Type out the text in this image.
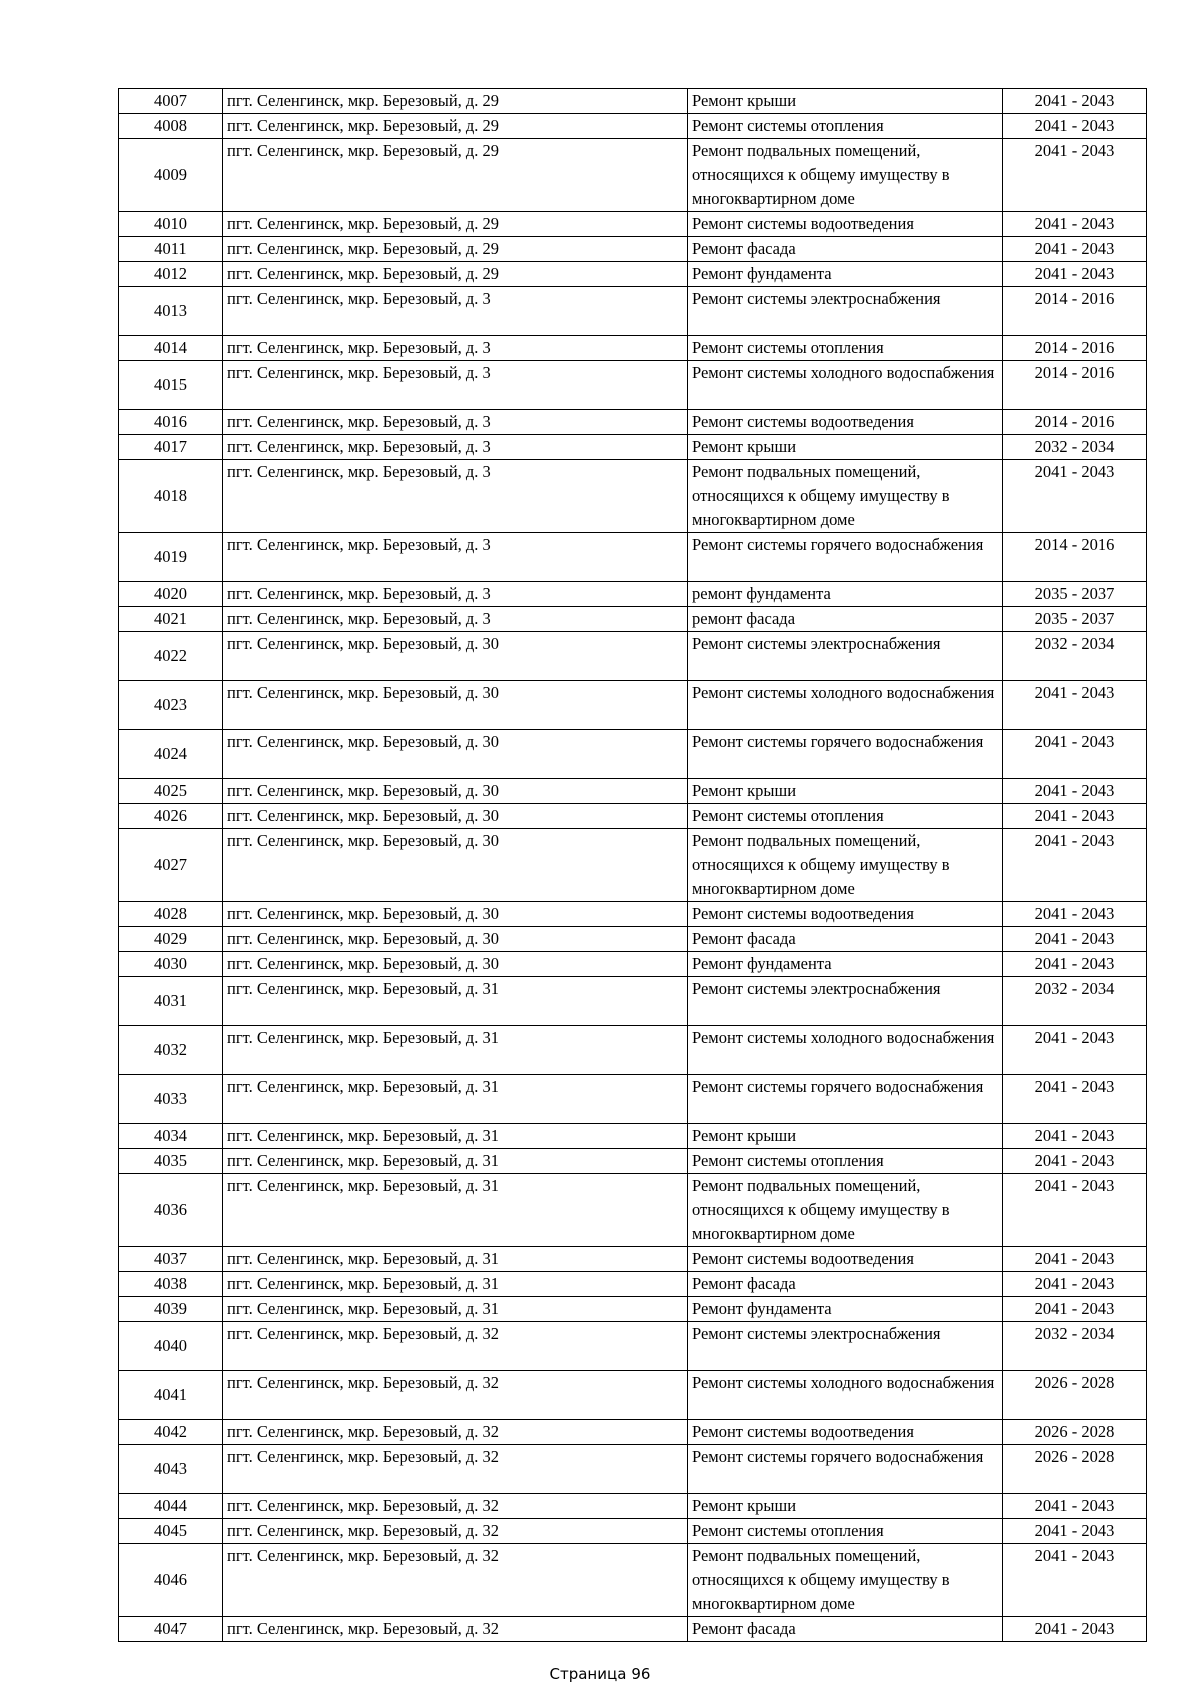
4007	пгт. Селенгинск, мкр. Березовый, д. 29	Ремонт крыши	2041 - 2043
4008	пгт. Селенгинск, мкр. Березовый, д. 29	Ремонт системы отопления	2041 - 2043
4009	пгт. Селенгинск, мкр. Березовый, д. 29	Ремонт подвальных помещений, относящихся к общему имуществу в многоквартирном доме	2041 - 2043
4010	пгт. Селенгинск, мкр. Березовый, д. 29	Ремонт системы водоотведения	2041 - 2043
4011	пгт. Селенгинск, мкр. Березовый, д. 29	Ремонт фасада	2041 - 2043
4012	пгт. Селенгинск, мкр. Березовый, д. 29	Ремонт фундамента	2041 - 2043
4013	пгт. Селенгинск, мкр. Березовый, д. 3	Ремонт системы электроснабжения	2014 - 2016
4014	пгт. Селенгинск, мкр. Березовый, д. 3	Ремонт системы отопления	2014 - 2016
4015	пгт. Селенгинск, мкр. Березовый, д. 3	Ремонт системы холодного водоспабжения	2014 - 2016
4016	пгт. Селенгинск, мкр. Березовый, д. 3	Ремонт системы водоотведения	2014 - 2016
4017	пгт. Селенгинск, мкр. Березовый, д. 3	Ремонт крыши	2032 - 2034
4018	пгт. Селенгинск, мкр. Березовый, д. 3	Ремонт подвальных помещений, относящихся к общему имуществу в многоквартирном доме	2041 - 2043
4019	пгт. Селенгинск, мкр. Березовый, д. 3	Ремонт системы горячего водоснабжения	2014 - 2016
4020	пгт. Селенгинск, мкр. Березовый, д. 3	ремонт фундамента	2035 - 2037
4021	пгт. Селенгинск, мкр. Березовый, д. 3	ремонт фасада	2035 - 2037
4022	пгт. Селенгинск, мкр. Березовый, д. 30	Ремонт системы электроснабжения	2032 - 2034
4023	пгт. Селенгинск, мкр. Березовый, д. 30	Ремонт системы холодного водоснабжения	2041 - 2043
4024	пгт. Селенгинск, мкр. Березовый, д. 30	Ремонт системы горячего водоснабжения	2041 - 2043
4025	пгт. Селенгинск, мкр. Березовый, д. 30	Ремонт крыши	2041 - 2043
4026	пгт. Селенгинск, мкр. Березовый, д. 30	Ремонт системы отопления	2041 - 2043
4027	пгт. Селенгинск, мкр. Березовый, д. 30	Ремонт подвальных помещений, относящихся к общему имуществу в многоквартирном доме	2041 - 2043
4028	пгт. Селенгинск, мкр. Березовый, д. 30	Ремонт системы водоотведения	2041 - 2043
4029	пгт. Селенгинск, мкр. Березовый, д. 30	Ремонт фасада	2041 - 2043
4030	пгт. Селенгинск, мкр. Березовый, д. 30	Ремонт фундамента	2041 - 2043
4031	пгт. Селенгинск, мкр. Березовый, д. 31	Ремонт системы электроснабжения	2032 - 2034
4032	пгт. Селенгинск, мкр. Березовый, д. 31	Ремонт системы холодного водоснабжения	2041 - 2043
4033	пгт. Селенгинск, мкр. Березовый, д. 31	Ремонт системы горячего водоснабжения	2041 - 2043
4034	пгт. Селенгинск, мкр. Березовый, д. 31	Ремонт крыши	2041 - 2043
4035	пгт. Селенгинск, мкр. Березовый, д. 31	Ремонт системы отопления	2041 - 2043
4036	пгт. Селенгинск, мкр. Березовый, д. 31	Ремонт подвальных помещений, относящихся к общему имуществу в многоквартирном доме	2041 - 2043
4037	пгт. Селенгинск, мкр. Березовый, д. 31	Ремонт системы водоотведения	2041 - 2043
4038	пгт. Селенгинск, мкр. Березовый, д. 31	Ремонт фасада	2041 - 2043
4039	пгт. Селенгинск, мкр. Березовый, д. 31	Ремонт фундамента	2041 - 2043
4040	пгт. Селенгинск, мкр. Березовый, д. 32	Ремонт системы электроснабжения	2032 - 2034
4041	пгт. Селенгинск, мкр. Березовый, д. 32	Ремонт системы холодного водоснабжения	2026 - 2028
4042	пгт. Селенгинск, мкр. Березовый, д. 32	Ремонт системы водоотведения	2026 - 2028
4043	пгт. Селенгинск, мкр. Березовый, д. 32	Ремонт системы горячего водоснабжения	2026 - 2028
4044	пгт. Селенгинск, мкр. Березовый, д. 32	Ремонт крыши	2041 - 2043
4045	пгт. Селенгинск, мкр. Березовый, д. 32	Ремонт системы отопления	2041 - 2043
4046	пгт. Селенгинск, мкр. Березовый, д. 32	Ремонт подвальных помещений, относящихся к общему имуществу в многоквартирном доме	2041 - 2043
4047	пгт. Селенгинск, мкр. Березовый, д. 32	Ремонт фасада	2041 - 2043
Страница 96
